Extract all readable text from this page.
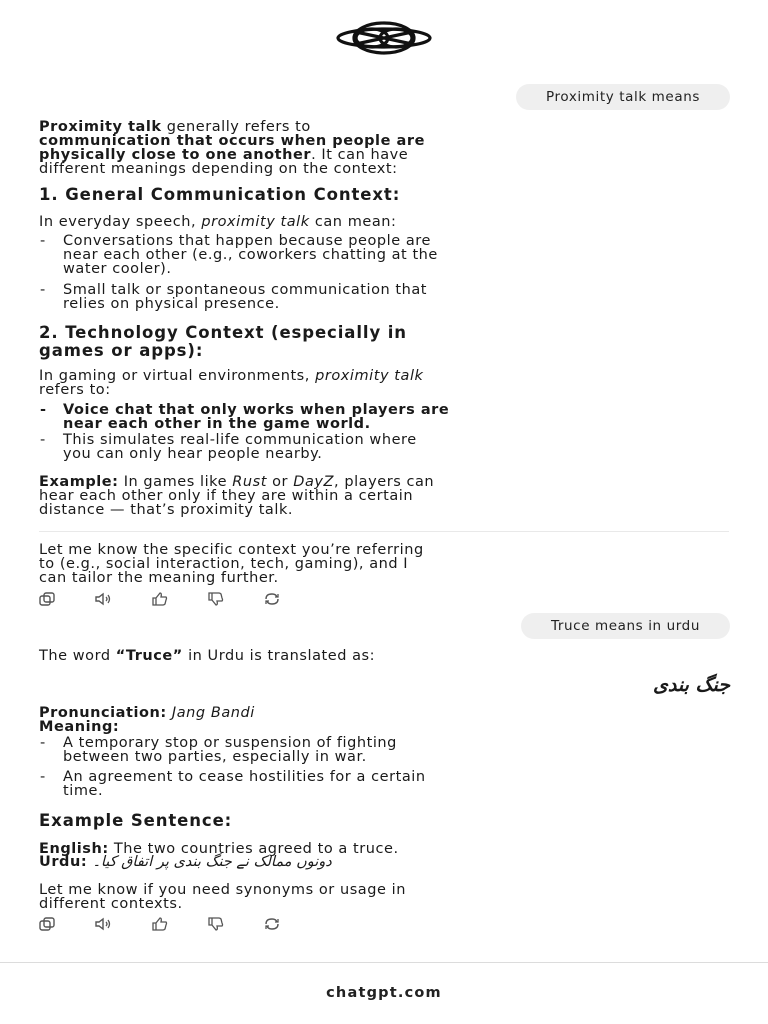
Proximity talk means

Proximity talk generally refers to
communication that occurs when people are
physically close to one another. It can have
different meanings depending on the context:

1. General Communication Context:

In everyday speech, proximity talk can mean:

- Conversations that happen because people are
near each other (e.g., coworkers chatting at the
water cooler).
- Small talk or spontaneous communication that
relies on physical presence.
2. Technology Context (especially in
games or apps):

In gaming or virtual environments, proximity talk
refers to:

- Voice chat that only works when players are
near each other in the game world.
- This simulates real-life communication where
you can only hear people nearby.

Example: In games like Rust or DayZ, players can
hear each other only if they are within a certain
distance — that’s proximity talk.

Let me know the specific context you’re referring
to (e.g., social interaction, tech, gaming), and I
can tailor the meaning further.

Truce means in urdu

The word “Truce” in Urdu is translated as:

جنگ بندی

Pronunciation: Jang Bandi
Meaning:

- A temporary stop or suspension of fighting
between two parties, especially in war.
- An agreement to cease hostilities for a certain
time.
Example Sentence:

English: The two countries agreed to a truce.

Urdu: دونوں ممالک نے جنگ بندی پر اتفاق کیا۔

Let me know if you need synonyms or usage in
different contexts.

chatgpt.com
